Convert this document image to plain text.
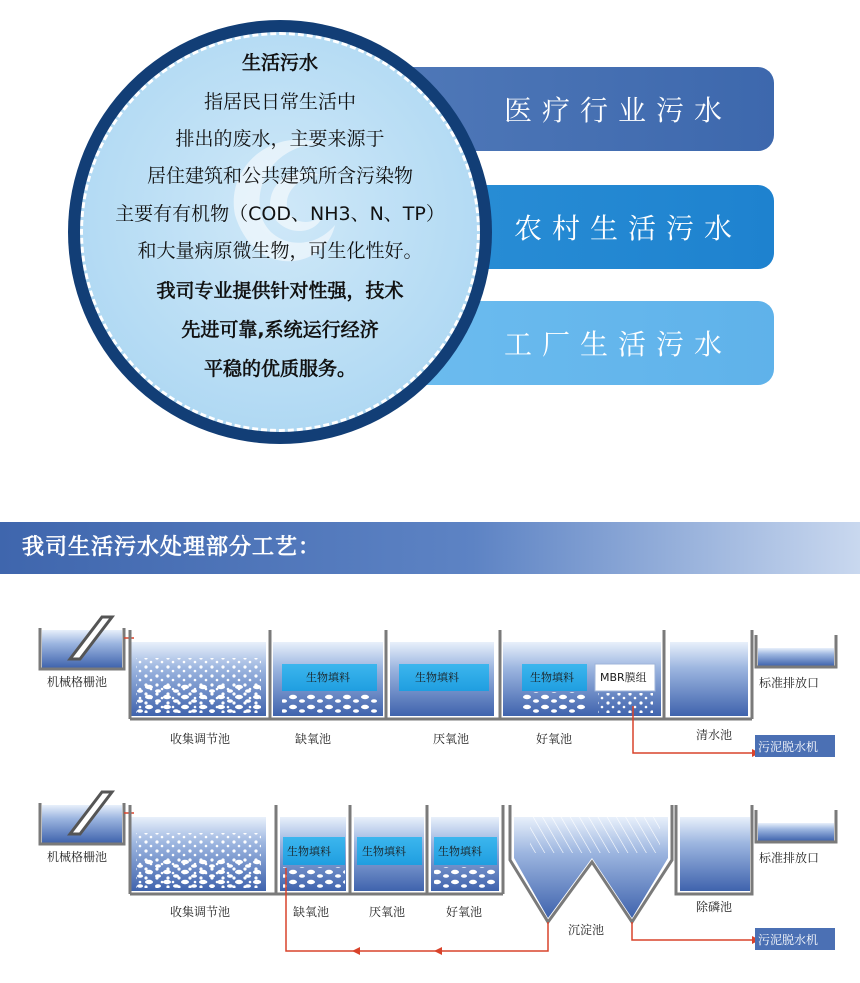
医疗行业污水
农村生活污水
工厂生活污水
生活污水
指居民日常生活中
排出的废水，主要来源于
居住建筑和公共建筑所含污染物
主要有有机物（COD、NH3、N、TP）
和大量病原微生物，可生化性好。
我司专业提供针对性强，技术
先进可靠,系统运行经济
平稳的优质服务。
我司生活污水处理部分工艺：
机械格栅池
收集调节池
生物填料
缺氧池
生物填料
厌氧池
生物填料 MBR膜组
好氧池	清水池
标准排放口
污泥脱水机
机械格栅池
收集调节池
生物填料
缺氧池
生物填料
厌氧池
生物填料
好氧池
沉淀池
除磷池
标准排放口
污泥脱水机
